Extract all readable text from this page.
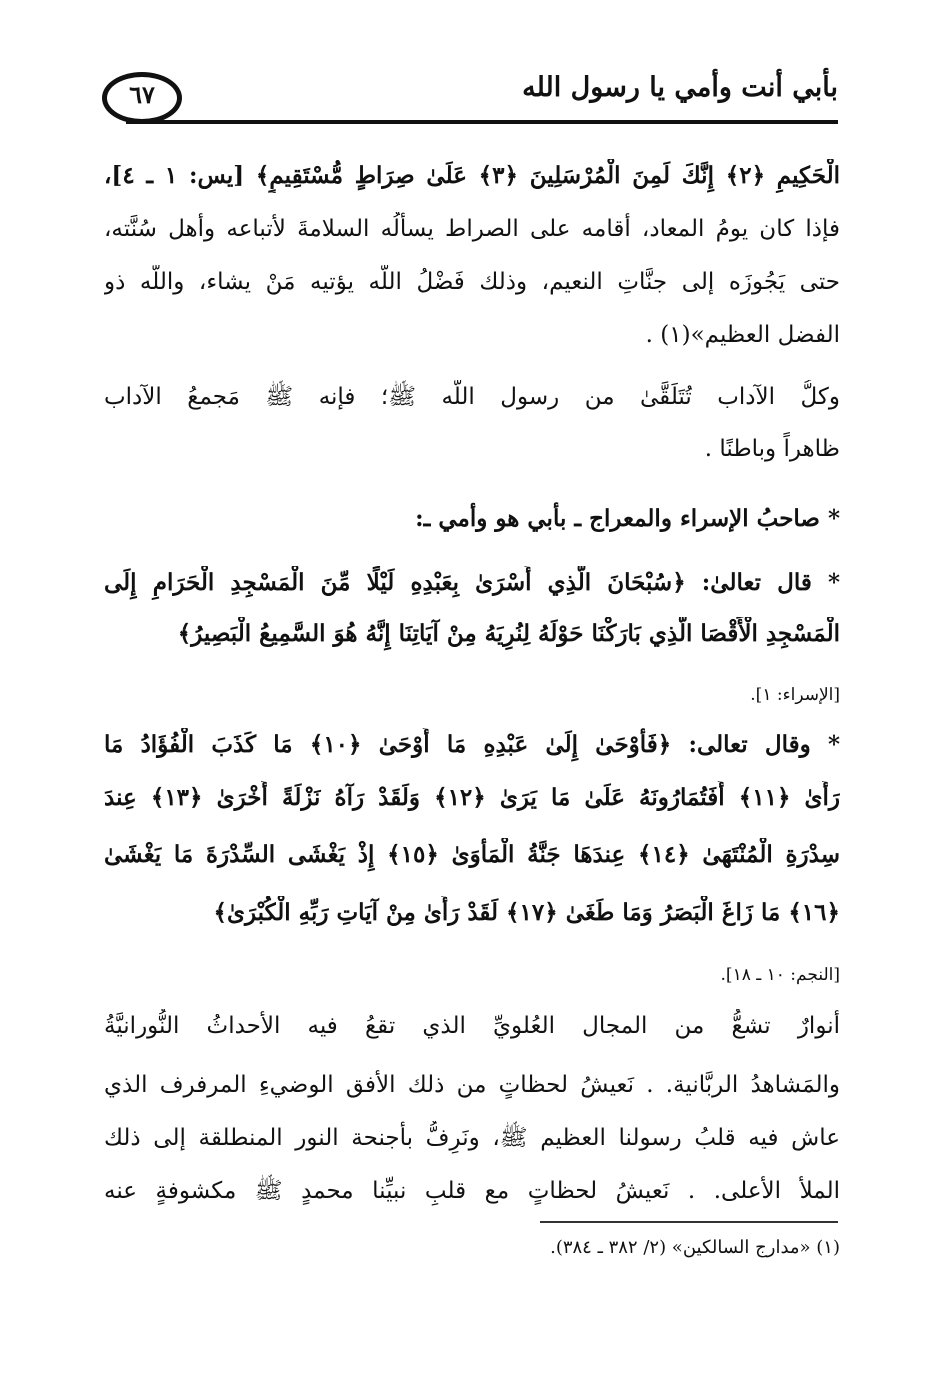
٦٧	بأبي أنت وأمي يا رسول الله
الْحَكِيمِ ﴿٢﴾ إِنَّكَ لَمِنَ الْمُرْسَلِينَ ﴿٣﴾ عَلَىٰ صِرَاطٍ مُّسْتَقِيمٍ﴾ [يس: ١ ـ ٤]،
فإذا كان يومُ المعاد، أقامه على الصراط يسألُه السلامةَ لأتباعه وأهل سُنَّته،
حتى يَجُوزَه إلى جنَّاتِ النعيم، وذلك فَضْلُ اللَّه يؤتيه مَنْ يشاء، واللَّه ذو
الفضل العظيم»(١) .
وكلُّ الآداب تُتَلَقَّىٰ من رسول اللَّه ﷺ؛ فإنه ﷺ مَجمعُ الآداب
ظاهراً وباطنًا .
* صاحبُ الإسراء والمعراج ـ بأبي هو وأمي ـ:
* قال تعالىٰ: ﴿سُبْحَانَ الَّذِي أَسْرَىٰ بِعَبْدِهِ لَيْلًا مِّنَ الْمَسْجِدِ الْحَرَامِ إِلَى
الْمَسْجِدِ الْأَقْصَا الَّذِي بَارَكْنَا حَوْلَهُ لِنُرِيَهُ مِنْ آيَاتِنَا إِنَّهُ هُوَ السَّمِيعُ الْبَصِيرُ﴾
[الإسراء: ١].
* وقال تعالى: ﴿فَأَوْحَىٰ إِلَىٰ عَبْدِهِ مَا أَوْحَىٰ ﴿١٠﴾ مَا كَذَبَ الْفُؤَادُ مَا
رَأَىٰ ﴿١١﴾ أَفَتُمَارُونَهُ عَلَىٰ مَا يَرَىٰ ﴿١٢﴾ وَلَقَدْ رَآهُ نَزْلَةً أُخْرَىٰ ﴿١٣﴾ عِندَ
سِدْرَةِ الْمُنْتَهَىٰ ﴿١٤﴾ عِندَهَا جَنَّةُ الْمَأْوَىٰ ﴿١٥﴾ إِذْ يَغْشَى السِّدْرَةَ مَا يَغْشَىٰ
﴿١٦﴾ مَا زَاغَ الْبَصَرُ وَمَا طَغَىٰ ﴿١٧﴾ لَقَدْ رَأَىٰ مِنْ آيَاتِ رَبِّهِ الْكُبْرَىٰ﴾
[النجم: ١٠ ـ ١٨].
أنوارٌ تشعُّ من المجال العُلويِّ الذي تقعُ فيه الأحداثُ النُّورانيَّةُ
والمَشاهدُ الربَّانية. . نَعيشُ لحظاتٍ من ذلك الأفق الوضيءِ المرفرف الذي
عاش فيه قلبُ رسولنا العظيم ﷺ، ونَرِفُّ بأجنحة النور المنطلقة إلى ذلك
الملأ الأعلى. . نَعيشُ لحظاتٍ مع قلبِ نبيِّنا محمدٍ ﷺ مكشوفةٍ عنه
(١) «مدارج السالكين» (٢/ ٣٨٢ ـ ٣٨٤).
